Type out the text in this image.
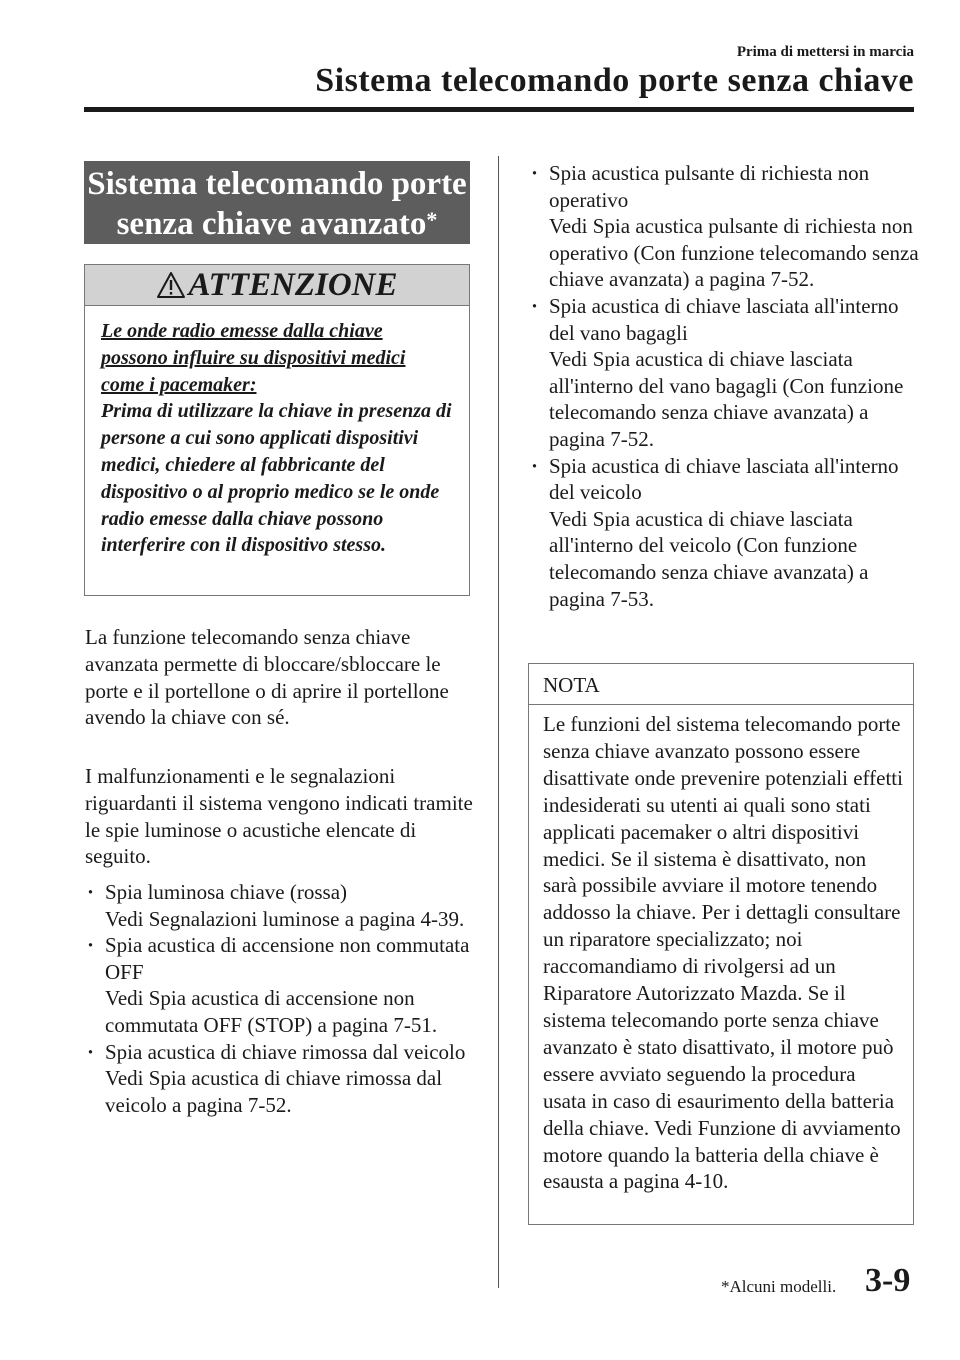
Prima di mettersi in marcia
Sistema telecomando porte senza chiave
Sistema telecomando porte
senza chiave avanzato*
ATTENZIONE
Le onde radio emesse dalla chiave
possono influire su dispositivi medici
come i pacemaker:
Prima di utilizzare la chiave in presenza di persone a cui sono applicati dispositivi medici, chiedere al fabbricante del dispositivo o al proprio medico se le onde radio emesse dalla chiave possono interferire con il dispositivo stesso.
La funzione telecomando senza chiave avanzata permette di bloccare/sbloccare le porte e il portellone o di aprire il portellone avendo la chiave con sé.
I malfunzionamenti e le segnalazioni riguardanti il sistema vengono indicati tramite le spie luminose o acustiche elencate di seguito.
· Spia luminosa chiave (rossa)
Vedi Segnalazioni luminose a pagina 4-39.
· Spia acustica di accensione non commutata OFF
Vedi Spia acustica di accensione non commutata OFF (STOP) a pagina 7-51.
· Spia acustica di chiave rimossa dal veicolo
Vedi Spia acustica di chiave rimossa dal veicolo a pagina 7-52.
· Spia acustica pulsante di richiesta non operativo
Vedi Spia acustica pulsante di richiesta non operativo (Con funzione telecomando senza chiave avanzata) a pagina 7-52.
· Spia acustica di chiave lasciata all'interno del vano bagagli
Vedi Spia acustica di chiave lasciata all'interno del vano bagagli (Con funzione telecomando senza chiave avanzata) a pagina 7-52.
· Spia acustica di chiave lasciata all'interno del veicolo
Vedi Spia acustica di chiave lasciata all'interno del veicolo (Con funzione telecomando senza chiave avanzata) a pagina 7-53.
NOTA
Le funzioni del sistema telecomando porte senza chiave avanzato possono essere disattivate onde prevenire potenziali effetti indesiderati su utenti ai quali sono stati applicati pacemaker o altri dispositivi medici. Se il sistema è disattivato, non sarà possibile avviare il motore tenendo addosso la chiave. Per i dettagli consultare un riparatore specializzato; noi raccomandiamo di rivolgersi ad un Riparatore Autorizzato Mazda. Se il sistema telecomando porte senza chiave avanzato è stato disattivato, il motore può essere avviato seguendo la procedura usata in caso di esaurimento della batteria della chiave. Vedi Funzione di avviamento motore quando la batteria della chiave è esausta a pagina 4-10.
*Alcuni modelli. 3-9
